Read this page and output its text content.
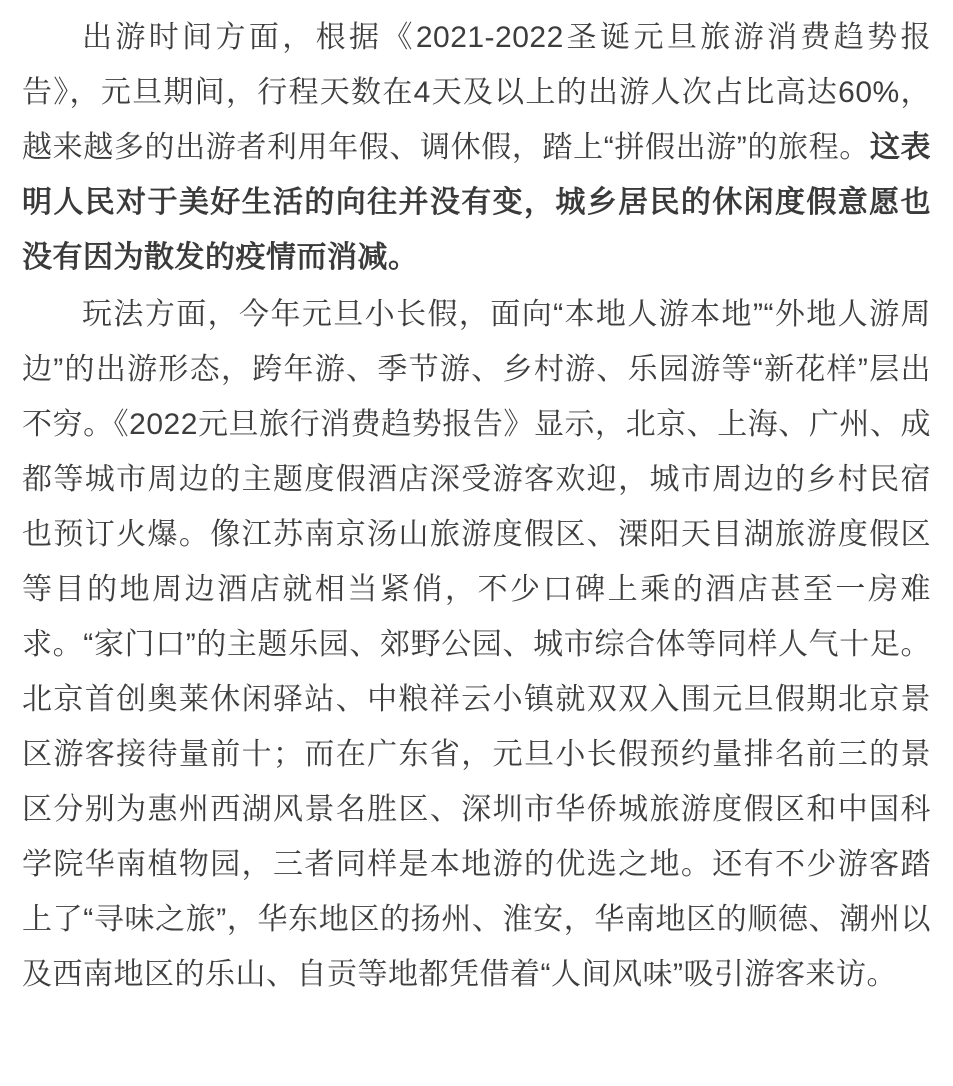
出游时间方面，根据《2021-2022圣诞元旦旅游消费趋势报告》，元旦期间，行程天数在4天及以上的出游人次占比高达60%，越来越多的出游者利用年假、调休假，踏上“拼假出游”的旅程。这表明人民对于美好生活的向往并没有变，城乡居民的休闲度假意愿也没有因为散发的疫情而消减。

玩法方面，今年元旦小长假，面向“本地人游本地”“外地人游周边”的出游形态，跨年游、季节游、乡村游、乐园游等“新花样”层出不穷。《2022元旦旅行消费趋势报告》显示，北京、上海、广州、成都等城市周边的主题度假酒店深受游客欢迎，城市周边的乡村民宿也预订火爆。像江苏南京汤山旅游度假区、溧阳天目湖旅游度假区等目的地周边酒店就相当紧俏，不少口碑上乘的酒店甚至一房难求。“家门口”的主题乐园、郊野公园、城市综合体等同样人气十足。北京首创奥莱休闲驿站、中粮祥云小镇就双双入围元旦假期北京景区游客接待量前十；而在广东省，元旦小长假预约量排名前三的景区分别为惠州西湖风景名胜区、深圳市华侨城旅游度假区和中国科学院华南植物园，三者同样是本地游的优选之地。还有不少游客踏上了“寻味之旅”，华东地区的扬州、淮安，华南地区的顺德、潮州以及西南地区的乐山、自贡等地都凭借着“人间风味”吸引游客来访。
